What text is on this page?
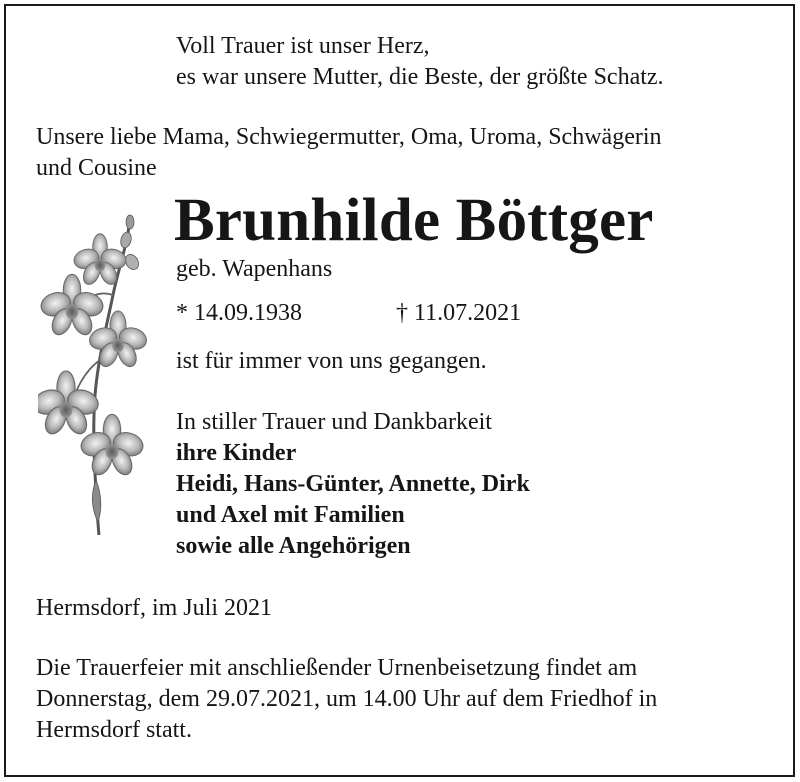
Voll Trauer ist unser Herz,
es war unsere Mutter, die Beste, der größte Schatz.

Unsere liebe Mama, Schwiegermutter, Oma, Uroma, Schwägerin
und Cousine

Brunhilde Böttger

geb. Wapenhans

* 14.09.1938	† 11.07.2021

ist für immer von uns gegangen.

In stiller Trauer und Dankbarkeit
ihre Kinder
Heidi, Hans-Günter, Annette, Dirk
und Axel mit Familien
sowie alle Angehörigen

Hermsdorf, im Juli 2021

Die Trauerfeier mit anschließender Urnenbeisetzung findet am
Donnerstag, dem 29.07.2021, um 14.00 Uhr auf dem Friedhof in
Hermsdorf statt.
